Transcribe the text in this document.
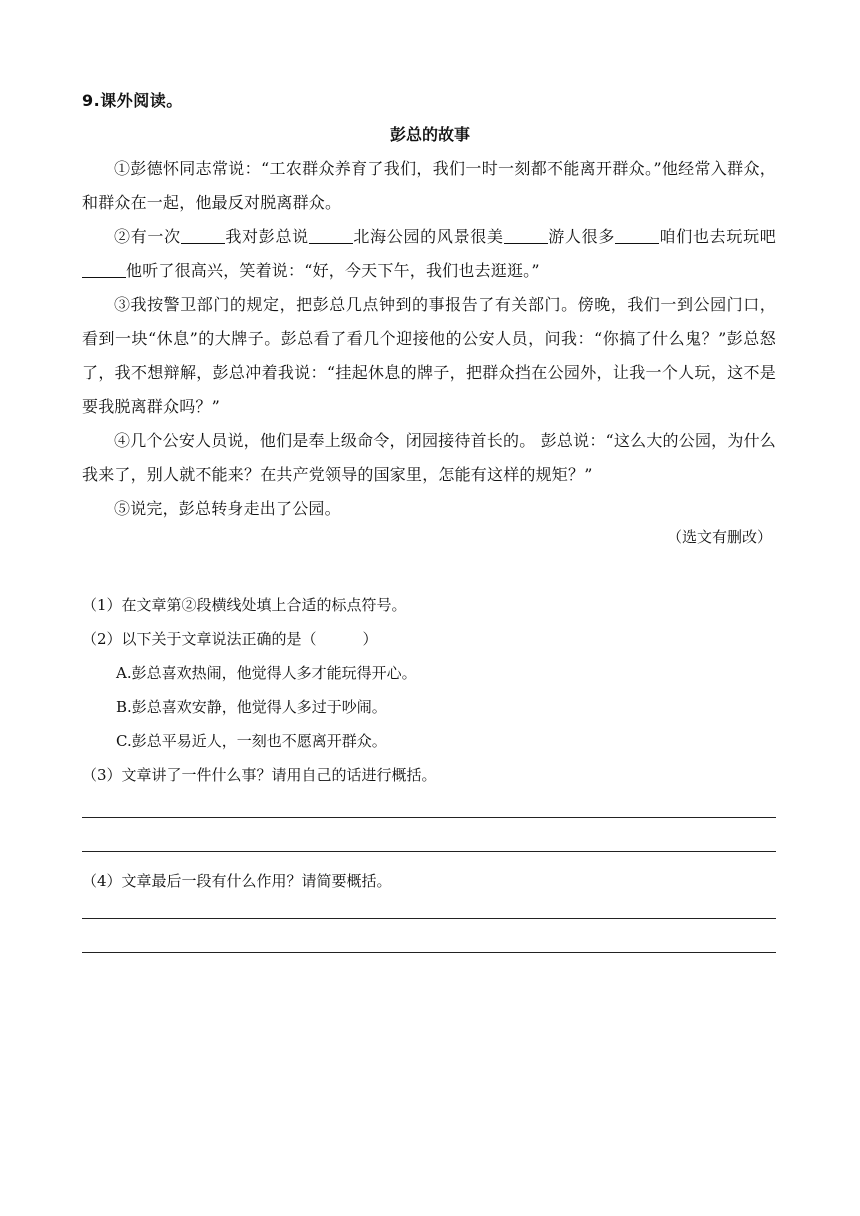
9.课外阅读。
彭总的故事

①彭德怀同志常说：“工农群众养育了我们，我们一时一刻都不能离开群众。”他经常入群众，和群众在一起，他最反对脱离群众。

②有一次	我对彭总说	北海公园的风景很美	游人很多	咱们也去玩玩吧他听了很高兴，笑着说：“好，今天下午，我们也去逛逛。”

③我按警卫部门的规定，把彭总几点钟到的事报告了有关部门。傍晚，我们一到公园门口，看到一块“休息”的大牌子。彭总看了看几个迎接他的公安人员，问我：“你搞了什么鬼？”彭总怒了，我不想辩解，彭总冲着我说：“挂起休息的牌子，把群众挡在公园外，让我一个人玩，这不是要我脱离群众吗？”

④几个公安人员说，他们是奉上级命令，闭园接待首长的。 彭总说：“这么大的公园，为什么我来了，别人就不能来？在共产党领导的国家里，怎能有这样的规矩？”

⑤说完，彭总转身走出了公园。

（选文有删改）
（1）在文章第②段横线处填上合适的标点符号。
（2）以下关于文章说法正确的是（	）
A.彭总喜欢热闹，他觉得人多才能玩得开心。
B.彭总喜欢安静，他觉得人多过于吵闹。
C.彭总平易近人，一刻也不愿离开群众。
（3）文章讲了一件什么事？请用自己的话进行概括。
（4）文章最后一段有什么作用？请简要概括。
